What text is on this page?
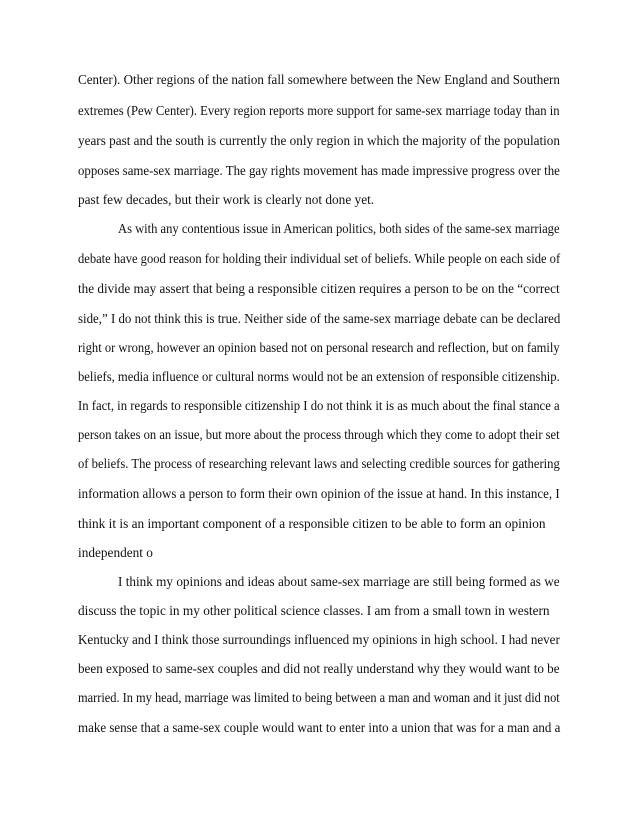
Center). Other regions of the nation fall somewhere between the New England and Southern

extremes (Pew Center). Every region reports more support for same-sex marriage today than in

years past and the south is currently the only region in which the majority of the population

opposes same-sex marriage. The gay rights movement has made impressive progress over the

past few decades, but their work is clearly not done yet.

As with any contentious issue in American politics, both sides of the same-sex marriage

debate have good reason for holding their individual set of beliefs. While people on each side of

the divide may assert that being a responsible citizen requires a person to be on the “correct

side,” I do not think this is true. Neither side of the same-sex marriage debate can be declared

right or wrong, however an opinion based not on personal research and reflection, but on family

beliefs, media influence or cultural norms would not be an extension of responsible citizenship.

In fact, in regards to responsible citizenship I do not think it is as much about the final stance a

person takes on an issue, but more about the process through which they come to adopt their set

of beliefs. The process of researching relevant laws and selecting credible sources for gathering

information allows a person to form their own opinion of the issue at hand. In this instance, I

think it is an important component of a responsible citizen to be able to form an opinion

independent o

I think my opinions and ideas about same-sex marriage are still being formed as we

discuss the topic in my other political science classes. I am from a small town in western

Kentucky and I think those surroundings influenced my opinions in high school. I had never

been exposed to same-sex couples and did not really understand why they would want to be

married. In my head, marriage was limited to being between a man and woman and it just did not

make sense that a same-sex couple would want to enter into a union that was for a man and a
